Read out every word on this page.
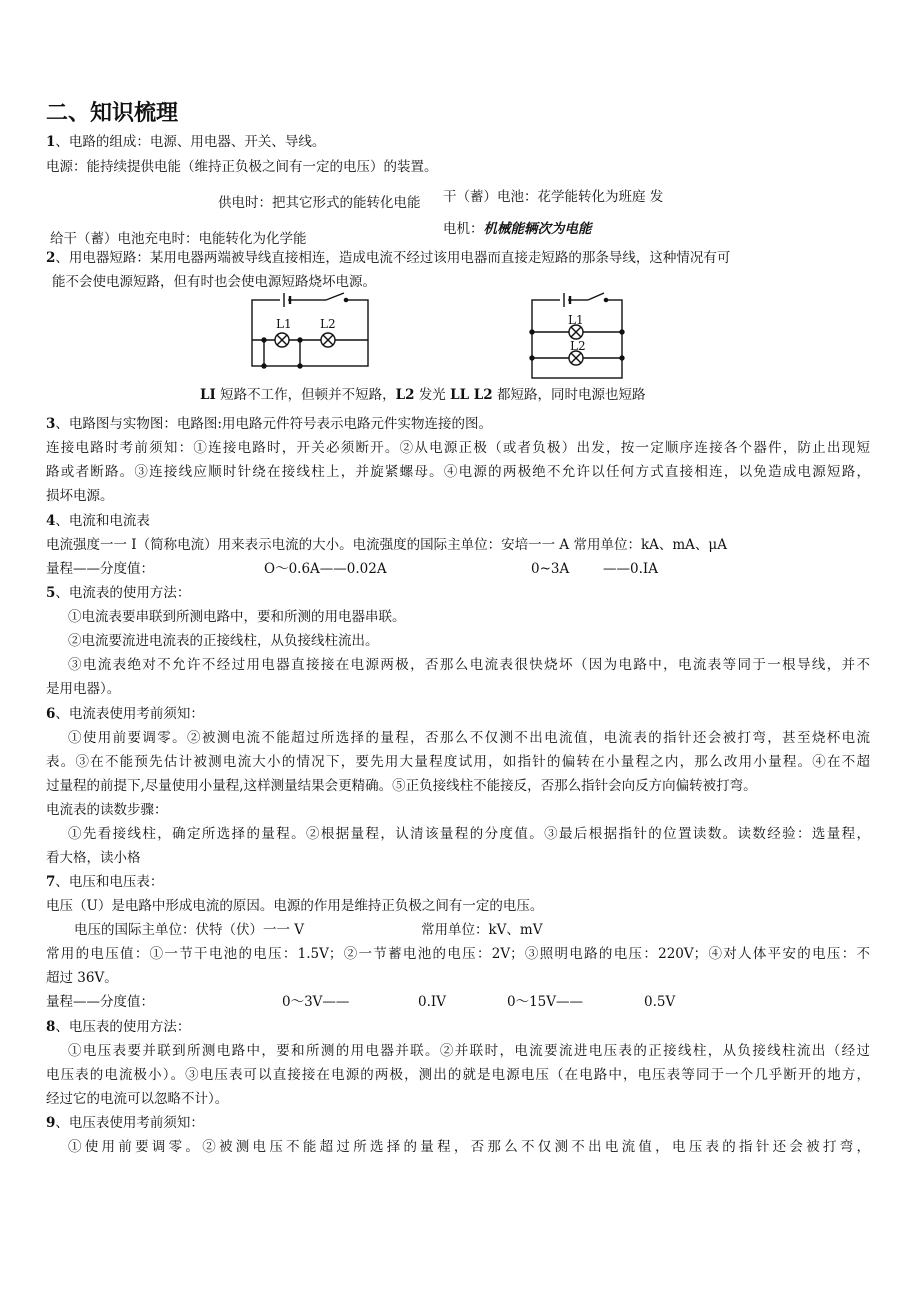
二、知识梳理
1、电路的组成：电源、用电器、开关、导线。
电源：能持续提供电能（维持正负极之间有一定的电压）的装置。
供电时：把其它形式的能转化电能 干（蓄）电池：花学能转化为班庭 发
电机：机械能辆次为电能
给干（蓄）电池充电时：电能转化为化学能
2、用电器短路：某用电器两端被导线直接相连，造成电流不经过该用电器而直接走短路的那条导线，这种情况有可
能不会使电源短路，但有时也会使电源短路烧坏电源。
L1 L2	L1
L2
LI 短路不工作，但顿并不短路，L2 发光 LL L2 都短路，同时电源也短路
3、电路图与实物图：电路图:用电路元件符号表示电路元件实物连接的图。
连接电路时考前须知：①连接电路时，开关必须断开。②从电源正极（或者负极）出发，按一定顺序连接各个器件，防止出现短
路或者断路。③连接线应顺时针绕在接线柱上，并旋紧螺母。④电源的两极绝不允许以任何方式直接相连，以免造成电源短路，
损坏电源。
4、电流和电流表
电流强度一一 I（简称电流）用来表示电流的大小。电流强度的国际主单位：安培一一 A 常用单位：kA、mA、μA
量程——分度值：	O～0.6A——0.02A	0~3A	——0.IA
5、电流表的使用方法：
①电流表要串联到所测电路中，要和所测的用电器串联。
②电流要流进电流表的正接线柱，从负接线柱流出。
③电流表绝对不允许不经过用电器直接接在电源两极，否那么电流表很快烧坏（因为电路中，电流表等同于一根导线，并不
是用电器）。
6、电流表使用考前须知：
①使用前要调零。②被测电流不能超过所选择的量程，否那么不仅测不出电流值，电流表的指针还会被打弯，甚至烧杯电流
表。③在不能预先估计被测电流大小的情况下，要先用大量程度试用，如指针的偏转在小量程之内，那么改用小量程。④在不超
过量程的前提下,尽量使用小量程,这样测量结果会更精确。⑤正负接线柱不能接反，否那么指针会向反方向偏转被打弯。
电流表的读数步骤：
①先看接线柱，确定所选择的量程。②根据量程，认清该量程的分度值。③最后根据指针的位置读数。读数经验：选量程，
看大格，读小格
7、电压和电压表：
电压（U）是电路中形成电流的原因。电源的作用是维持正负极之间有一定的电压。
电压的国际主单位：伏特（伏）一一 V	常用单位：kV、mV
常用的电压值：①一节干电池的电压：1.5V；②一节蓄电池的电压：2V；③照明电路的电压：220V；④对人体平安的电压：不
超过 36V。
量程——分度值：	0～3V——	0.IV	0～15V——	0.5V
8、电压表的使用方法：
①电压表要并联到所测电路中，要和所测的用电器并联。②并联时，电流要流进电压表的正接线柱，从负接线柱流出（经过
电压表的电流极小）。③电压表可以直接接在电源的两极，测出的就是电源电压（在电路中，电压表等同于一个几乎断开的地方，
经过它的电流可以忽略不计）。
9、电压表使用考前须知：
①使用前要调零。②被测电压不能超过所选择的量程，否那么不仅测不出电流值，电压表的指针还会被打弯，
